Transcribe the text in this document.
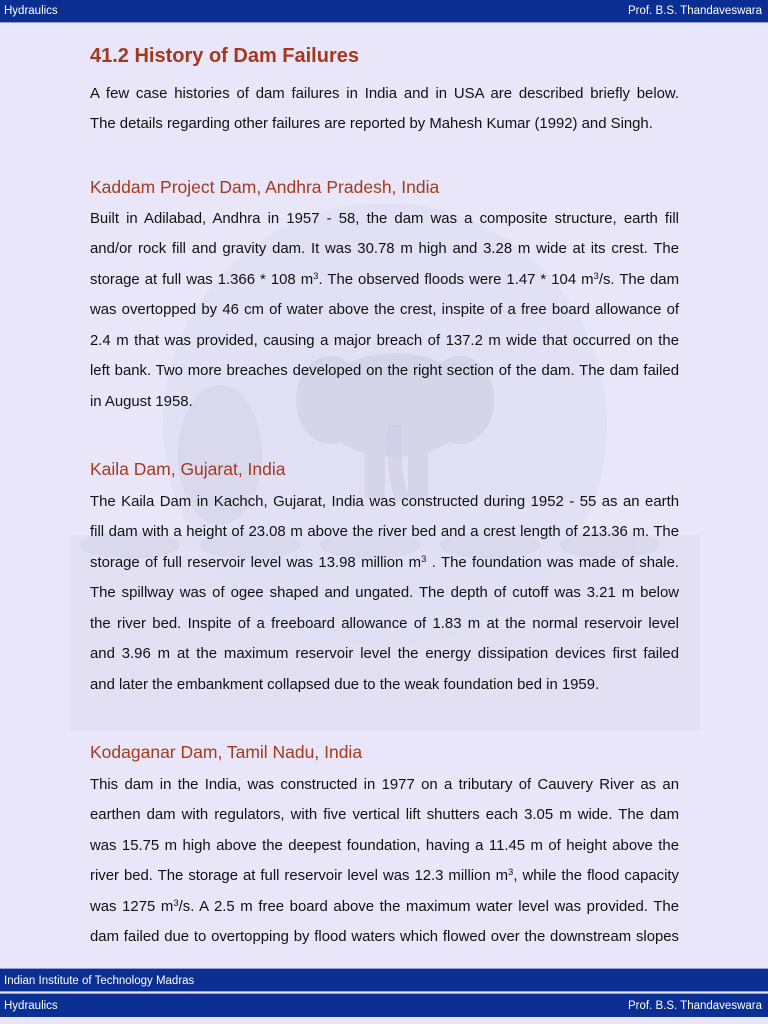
Hydraulics	Prof. B.S. Thandaveswara
41.2 History of Dam Failures
A few case histories of dam failures in India and in USA are described briefly below.
The details regarding other failures are reported by Mahesh Kumar (1992) and Singh.
Kaddam Project Dam, Andhra Pradesh, India
Built in Adilabad, Andhra in 1957 - 58, the dam was a composite structure, earth fill
and/or rock fill and gravity dam. It was 30.78 m high and 3.28 m wide at its crest. The
storage at full was 1.366 * 108 $m^3$. The observed floods were 1.47 * 104 $m^3/s$. The dam
was overtopped by 46 cm of water above the crest, inspite of a free board allowance of
2.4 m that was provided, causing a major breach of 137.2 m wide that occurred on the
left bank. Two more breaches developed on the right section of the dam. The dam failed
in August 1958.
Kaila Dam, Gujarat, India
The Kaila Dam in Kachch, Gujarat, India was constructed during 1952 - 55 as an earth
fill dam with a height of 23.08 m above the river bed and a crest length of 213.36 m. The
storage of full reservoir level was 13.98 million $m^3$ . The foundation was made of shale.
The spillway was of ogee shaped and ungated. The depth of cutoff was 3.21 m below
the river bed. Inspite of a freeboard allowance of 1.83 m at the normal reservoir level
and 3.96 m at the maximum reservoir level the energy dissipation devices first failed
and later the embankment collapsed due to the weak foundation bed in 1959.
Kodaganar Dam, Tamil Nadu, India
This dam in the India, was constructed in 1977 on a tributary of Cauvery River as an
earthen dam with regulators, with five vertical lift shutters each 3.05 m wide. The dam
was 15.75 m high above the deepest foundation, having a 11.45 m of height above the
river bed. The storage at full reservoir level was 12.3 million $m^3$, while the flood capacity
was 1275 $m^3/s$. A 2.5 m free board above the maximum water level was provided. The
dam failed due to overtopping by flood waters which flowed over the downstream slopes
Indian Institute of Technology Madras
Hydraulics	Prof. B.S. Thandaveswara
